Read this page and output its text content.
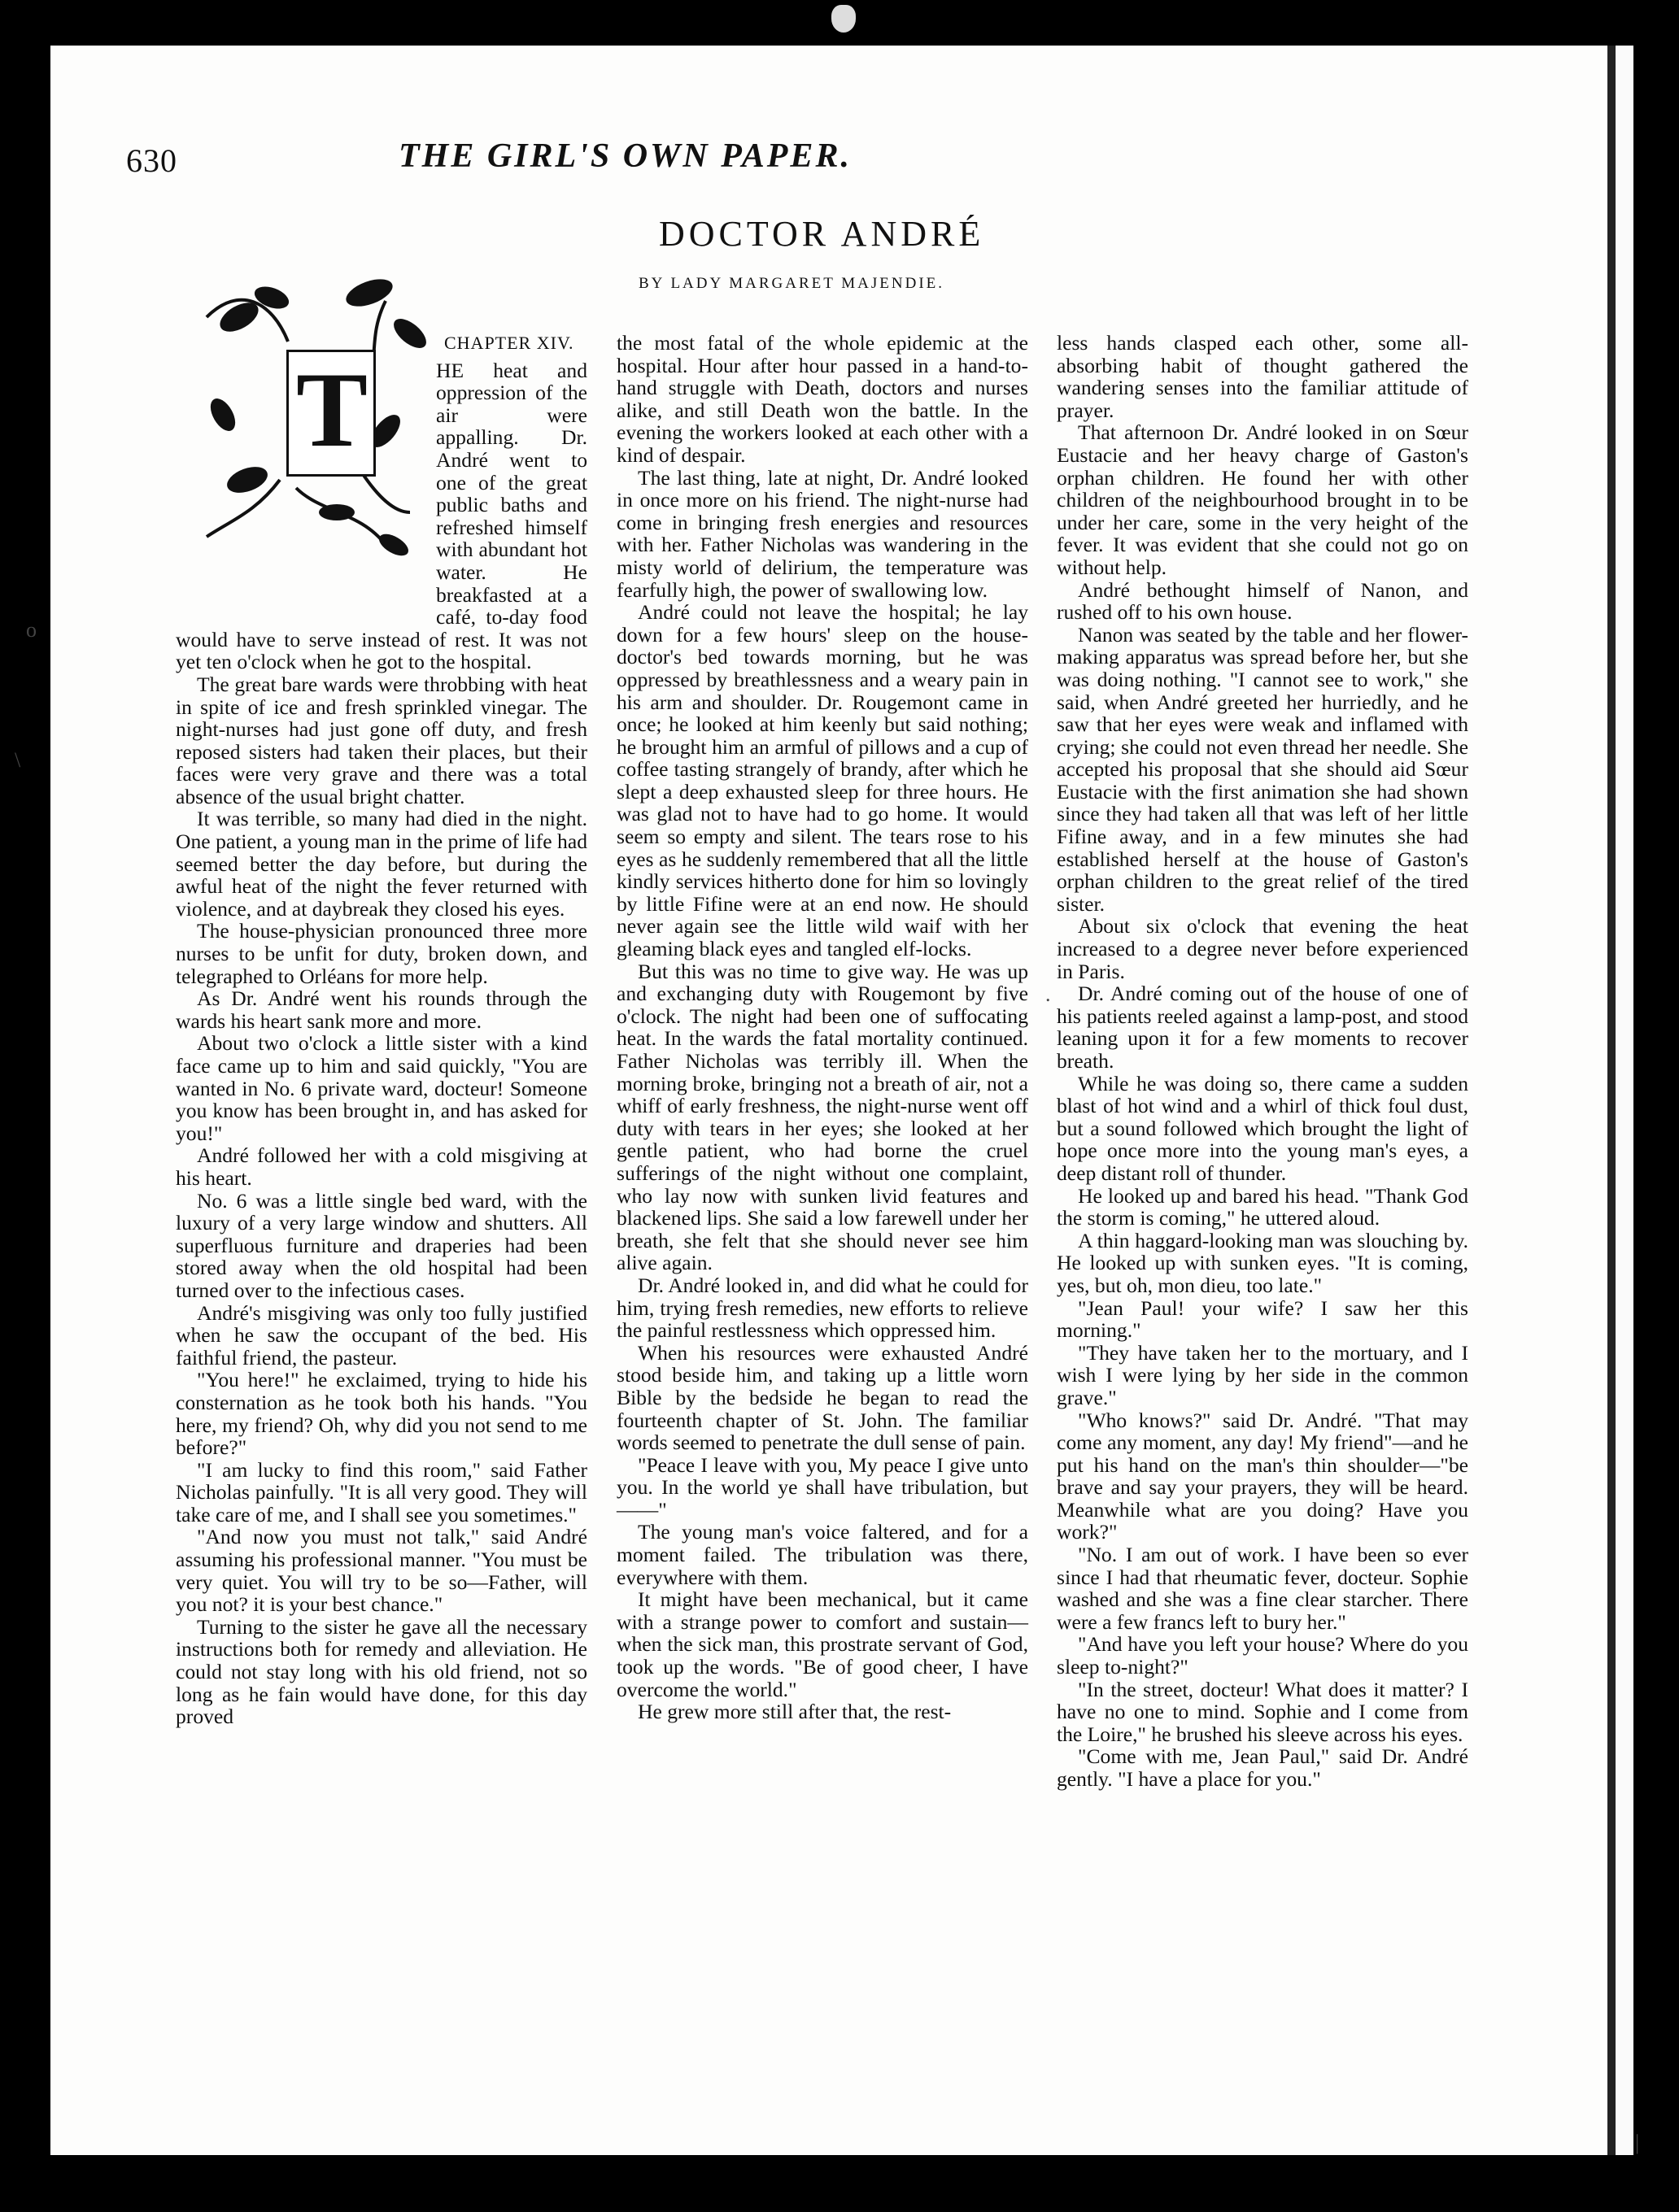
o
\
.
|
630	THE GIRL'S OWN PAPER.
DOCTOR ANDRÉ
BY LADY MARGARET MAJENDIE.
T
CHAPTER XIV.

HE heat and oppression of the air were appalling. Dr. André went to one of the great public baths and refreshed himself with abundant hot water. He breakfasted at a café, to-day food would have to serve instead of rest. It was not yet ten o'clock when he got to the hospital.

The great bare wards were throbbing with heat in spite of ice and fresh sprinkled vinegar. The night-nurses had just gone off duty, and fresh reposed sisters had taken their places, but their faces were very grave and there was a total absence of the usual bright chatter.

It was terrible, so many had died in the night. One patient, a young man in the prime of life had seemed better the day before, but during the awful heat of the night the fever returned with violence, and at daybreak they closed his eyes.

The house-physician pronounced three more nurses to be unfit for duty, broken down, and telegraphed to Orléans for more help.

As Dr. André went his rounds through the wards his heart sank more and more.

About two o'clock a little sister with a kind face came up to him and said quickly, "You are wanted in No. 6 private ward, docteur! Someone you know has been brought in, and has asked for you!"

André followed her with a cold misgiving at his heart.

No. 6 was a little single bed ward, with the luxury of a very large window and shutters. All superfluous furniture and draperies had been stored away when the old hospital had been turned over to the infectious cases.

André's misgiving was only too fully justified when he saw the occupant of the bed. His faithful friend, the pasteur.

"You here!" he exclaimed, trying to hide his consternation as he took both his hands. "You here, my friend? Oh, why did you not send to me before?"

"I am lucky to find this room," said Father Nicholas painfully. "It is all very good. They will take care of me, and I shall see you sometimes."

"And now you must not talk," said André assuming his professional manner. "You must be very quiet. You will try to be so—Father, will you not? it is your best chance."

Turning to the sister he gave all the necessary instructions both for remedy and alleviation. He could not stay long with his old friend, not so long as he fain would have done, for this day proved

the most fatal of the whole epidemic at the hospital. Hour after hour passed in a hand-to-hand struggle with Death, doctors and nurses alike, and still Death won the battle. In the evening the workers looked at each other with a kind of despair.

The last thing, late at night, Dr. André looked in once more on his friend. The night-nurse had come in bringing fresh energies and resources with her. Father Nicholas was wandering in the misty world of delirium, the temperature was fearfully high, the power of swallowing low.

André could not leave the hospital; he lay down for a few hours' sleep on the house-doctor's bed towards morning, but he was oppressed by breathlessness and a weary pain in his arm and shoulder. Dr. Rougemont came in once; he looked at him keenly but said nothing; he brought him an armful of pillows and a cup of coffee tasting strangely of brandy, after which he slept a deep exhausted sleep for three hours. He was glad not to have had to go home. It would seem so empty and silent. The tears rose to his eyes as he suddenly remembered that all the little kindly services hitherto done for him so lovingly by little Fifine were at an end now. He should never again see the little wild waif with her gleaming black eyes and tangled elf-locks.

But this was no time to give way. He was up and exchanging duty with Rougemont by five o'clock. The night had been one of suffocating heat. In the wards the fatal mortality continued. Father Nicholas was terribly ill. When the morning broke, bringing not a breath of air, not a whiff of early freshness, the night-nurse went off duty with tears in her eyes; she looked at her gentle patient, who had borne the cruel sufferings of the night without one complaint, who lay now with sunken livid features and blackened lips. She said a low farewell under her breath, she felt that she should never see him alive again.

Dr. André looked in, and did what he could for him, trying fresh remedies, new efforts to relieve the painful restlessness which oppressed him.

When his resources were exhausted André stood beside him, and taking up a little worn Bible by the bedside he began to read the fourteenth chapter of St. John. The familiar words seemed to penetrate the dull sense of pain.

"Peace I leave with you, My peace I give unto you. In the world ye shall have tribulation, but——"

The young man's voice faltered, and for a moment failed. The tribulation was there, everywhere with them.

It might have been mechanical, but it came with a strange power to comfort and sustain—when the sick man, this prostrate servant of God, took up the words. "Be of good cheer, I have overcome the world."

He grew more still after that, the rest-

less hands clasped each other, some all-absorbing habit of thought gathered the wandering senses into the familiar attitude of prayer.

That afternoon Dr. André looked in on Sœur Eustacie and her heavy charge of Gaston's orphan children. He found her with other children of the neighbourhood brought in to be under her care, some in the very height of the fever. It was evident that she could not go on without help.

André bethought himself of Nanon, and rushed off to his own house.

Nanon was seated by the table and her flower-making apparatus was spread before her, but she was doing nothing. "I cannot see to work," she said, when André greeted her hurriedly, and he saw that her eyes were weak and inflamed with crying; she could not even thread her needle. She accepted his proposal that she should aid Sœur Eustacie with the first animation she had shown since they had taken all that was left of her little Fifine away, and in a few minutes she had established herself at the house of Gaston's orphan children to the great relief of the tired sister.

About six o'clock that evening the heat increased to a degree never before experienced in Paris.

Dr. André coming out of the house of one of his patients reeled against a lamp-post, and stood leaning upon it for a few moments to recover breath.

While he was doing so, there came a sudden blast of hot wind and a whirl of thick foul dust, but a sound followed which brought the light of hope once more into the young man's eyes, a deep distant roll of thunder.

He looked up and bared his head. "Thank God the storm is coming," he uttered aloud.

A thin haggard-looking man was slouching by. He looked up with sunken eyes. "It is coming, yes, but oh, mon dieu, too late."

"Jean Paul! your wife? I saw her this morning."

"They have taken her to the mortuary, and I wish I were lying by her side in the common grave."

"Who knows?" said Dr. André. "That may come any moment, any day! My friend"—and he put his hand on the man's thin shoulder—"be brave and say your prayers, they will be heard. Meanwhile what are you doing? Have you work?"

"No. I am out of work. I have been so ever since I had that rheumatic fever, docteur. Sophie washed and she was a fine clear starcher. There were a few francs left to bury her."

"And have you left your house? Where do you sleep to-night?"

"In the street, docteur! What does it matter? I have no one to mind. Sophie and I come from the Loire," he brushed his sleeve across his eyes.

"Come with me, Jean Paul," said Dr. André gently. "I have a place for you."
